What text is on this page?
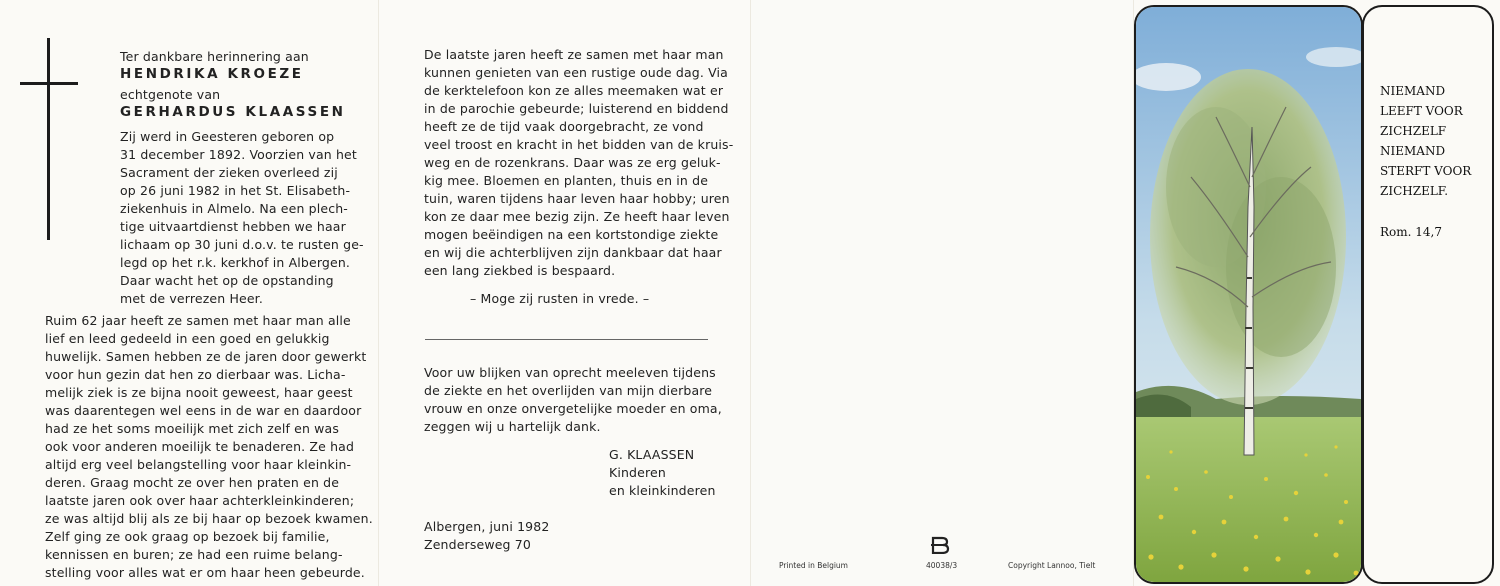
Ter dankbare herinnering aan
HENDRIKA KROEZE
echtgenote van
GERHARDUS KLAASSEN
Zij werd in Geesteren geboren op
31 december 1892. Voorzien van het
Sacrament der zieken overleed zij
op 26 juni 1982 in het St. Elisabeth-
ziekenhuis in Almelo. Na een plech-
tige uitvaartdienst hebben we haar
lichaam op 30 juni d.o.v. te rusten ge-
legd op het r.k. kerkhof in Albergen.
Daar wacht het op de opstanding
met de verrezen Heer.
Ruim 62 jaar heeft ze samen met haar man alle
lief en leed gedeeld in een goed en gelukkig
huwelijk. Samen hebben ze de jaren door gewerkt
voor hun gezin dat hen zo dierbaar was. Licha-
melijk ziek is ze bijna nooit geweest, haar geest
was daarentegen wel eens in de war en daardoor
had ze het soms moeilijk met zich zelf en was
ook voor anderen moeilijk te benaderen. Ze had
altijd erg veel belangstelling voor haar kleinkin-
deren. Graag mocht ze over hen praten en de
laatste jaren ook over haar achterkleinkinderen;
ze was altijd blij als ze bij haar op bezoek kwamen.
Zelf ging ze ook graag op bezoek bij familie,
kennissen en buren; ze had een ruime belang-
stelling voor alles wat er om haar heen gebeurde.
De laatste jaren heeft ze samen met haar man
kunnen genieten van een rustige oude dag. Via
de kerktelefoon kon ze alles meemaken wat er
in de parochie gebeurde; luisterend en biddend
heeft ze de tijd vaak doorgebracht, ze vond
veel troost en kracht in het bidden van de kruis-
weg en de rozenkrans. Daar was ze erg geluk-
kig mee. Bloemen en planten, thuis en in de
tuin, waren tijdens haar leven haar hobby; uren
kon ze daar mee bezig zijn. Ze heeft haar leven
mogen beëindigen na een kortstondige ziekte
en wij die achterblijven zijn dankbaar dat haar
een lang ziekbed is bespaard.
– Moge zij rusten in vrede. –
Voor uw blijken van oprecht meeleven tijdens
de ziekte en het overlijden van mijn dierbare
vrouw en onze onvergetelijke moeder en oma,
zeggen wij u hartelijk dank.
G. KLAASSEN
Kinderen
en kleinkinderen
Albergen, juni 1982
Zenderseweg 70
Printed in Belgium	40038/3	Copyright Lannoo, Tielt
NIEMAND
LEEFT VOOR
ZICHZELF
NIEMAND
STERFT VOOR
ZICHZELF.
Rom. 14,7
